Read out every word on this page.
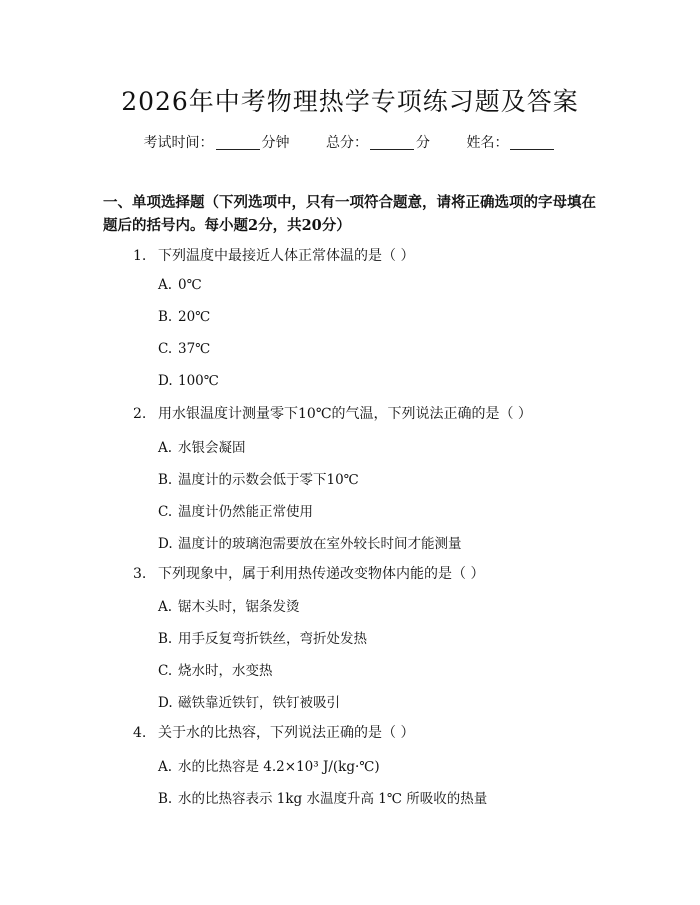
2026年中考物理热学专项练习题及答案
考试时间：	分钟	总分：	分	姓名：

一、单项选择题（下列选项中，只有一项符合题意，请将正确选项的字母填在题后的括号内。每小题2分，共20分）

1. 下列温度中最接近人体正常体温的是（ ）
A. 0℃
B. 20℃
C. 37℃
D. 100℃
2. 用水银温度计测量零下10℃的气温，下列说法正确的是（ ）
A. 水银会凝固
B. 温度计的示数会低于零下10℃
C. 温度计仍然能正常使用
D. 温度计的玻璃泡需要放在室外较长时间才能测量
3. 下列现象中，属于利用热传递改变物体内能的是（ ）
A. 锯木头时，锯条发烫
B. 用手反复弯折铁丝，弯折处发热
C. 烧水时，水变热
D. 磁铁靠近铁钉，铁钉被吸引
4. 关于水的比热容，下列说法正确的是（ ）
A. 水的比热容是 4.2×10³ J/(kg·℃)
B. 水的比热容表示 1kg 水温度升高 1℃ 所吸收的热量
